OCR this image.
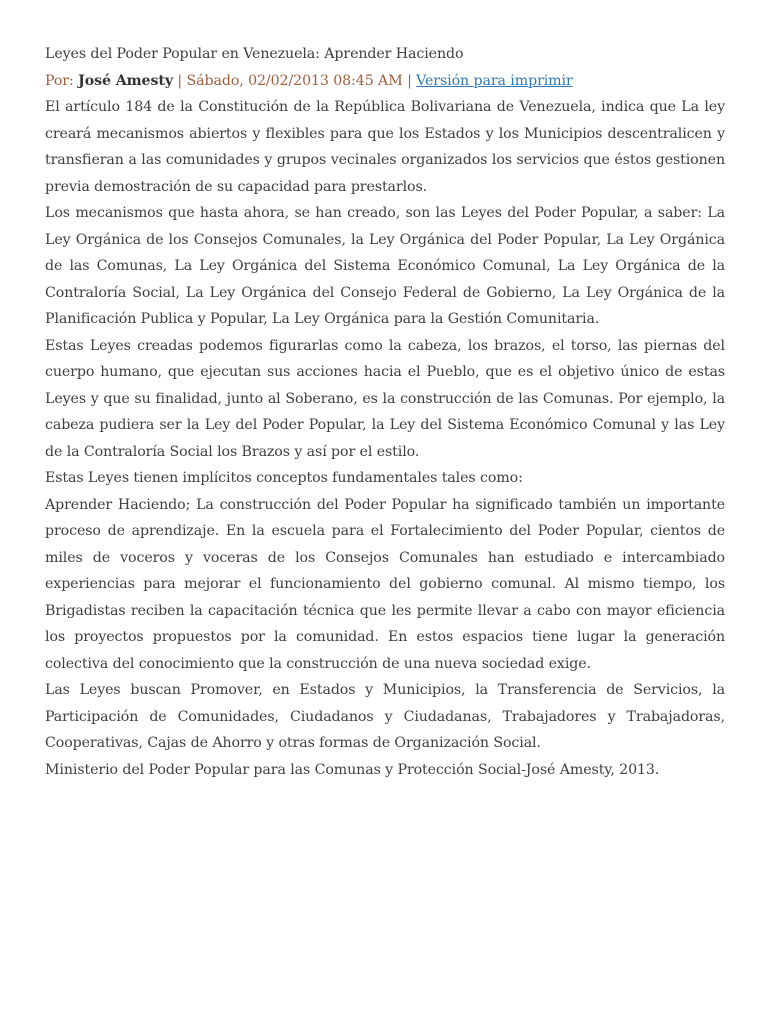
Leyes del Poder Popular en Venezuela: Aprender Haciendo

Por: José Amesty | Sábado, 02/02/2013 08:45 AM | Versión para imprimir

El artículo 184 de la Constitución de la República Bolivariana de Venezuela, indica que La ley creará mecanismos abiertos y flexibles para que los Estados y los Municipios descentralicen y transfieran a las comunidades y grupos vecinales organizados los servicios que éstos gestionen previa demostración de su capacidad para prestarlos.

Los mecanismos que hasta ahora, se han creado, son las Leyes del Poder Popular, a saber: La Ley Orgánica de los Consejos Comunales, la Ley Orgánica del Poder Popular, La Ley Orgánica de las Comunas, La Ley Orgánica del Sistema Económico Comunal, La Ley Orgánica de la Contraloría Social, La Ley Orgánica del Consejo Federal de Gobierno, La Ley Orgánica de la Planificación Publica y Popular, La Ley Orgánica para la Gestión Comunitaria.

Estas Leyes creadas podemos figurarlas como la cabeza, los brazos, el torso, las piernas del cuerpo humano, que ejecutan sus acciones hacia el Pueblo, que es el objetivo único de estas Leyes y que su finalidad, junto al Soberano, es la construcción de las Comunas. Por ejemplo, la cabeza pudiera ser la Ley del Poder Popular, la Ley del Sistema Económico Comunal y las Ley de la Contraloría Social los Brazos y así por el estilo.

Estas Leyes tienen implícitos conceptos fundamentales tales como:

Aprender Haciendo; La construcción del Poder Popular ha significado también un importante proceso de aprendizaje. En la escuela para el Fortalecimiento del Poder Popular, cientos de miles de voceros y voceras de los Consejos Comunales han estudiado e intercambiado experiencias para mejorar el funcionamiento del gobierno comunal. Al mismo tiempo, los Brigadistas reciben la capacitación técnica que les permite llevar a cabo con mayor eficiencia los proyectos propuestos por la comunidad. En estos espacios tiene lugar la generación colectiva del conocimiento que la construcción de una nueva sociedad exige.

Las Leyes buscan Promover, en Estados y Municipios, la Transferencia de Servicios, la Participación de Comunidades, Ciudadanos y Ciudadanas, Trabajadores y Trabajadoras, Cooperativas, Cajas de Ahorro y otras formas de Organización Social.

Ministerio del Poder Popular para las Comunas y Protección Social-José Amesty, 2013.
